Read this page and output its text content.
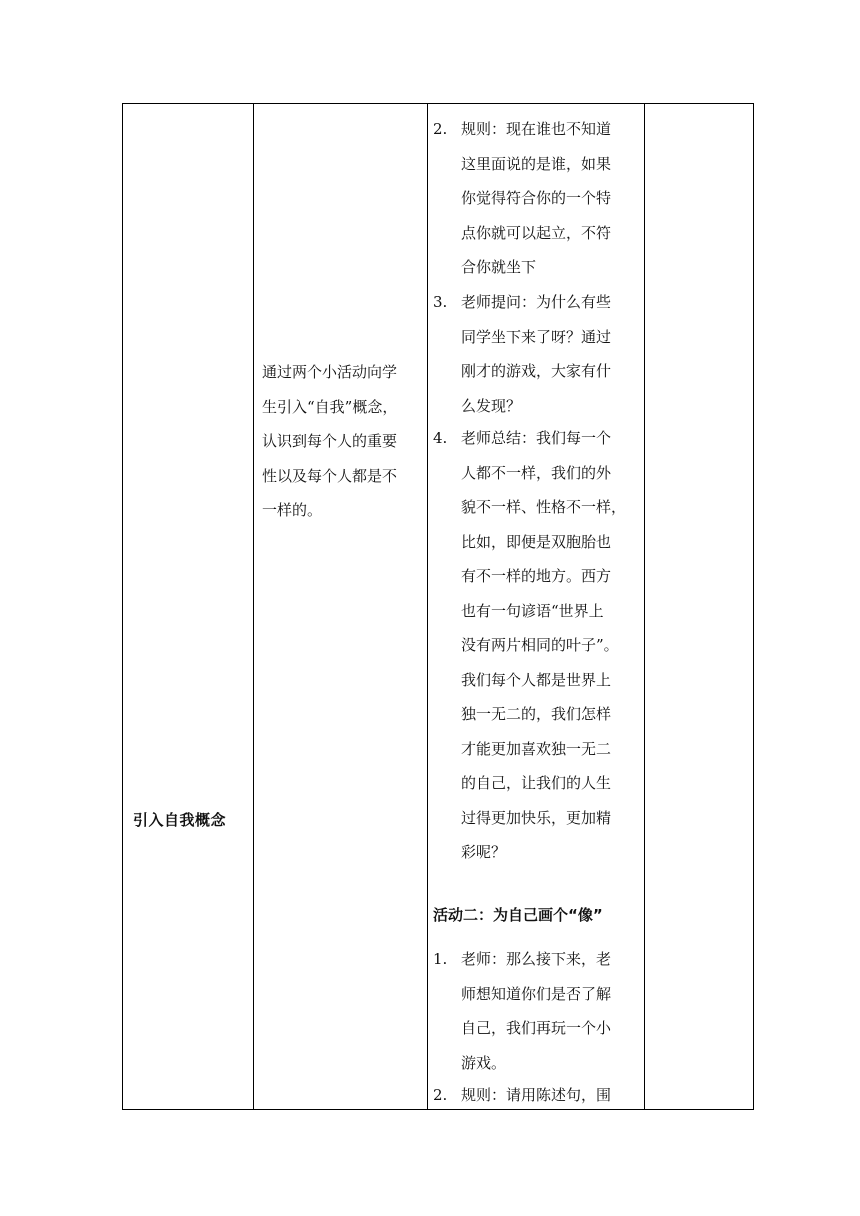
引入自我概念
通过两个小活动向学
生引入“自我”概念，
认识到每个人的重要
性以及每个人都是不
一样的。
2. 规则：现在谁也不知道
这里面说的是谁，如果
你觉得符合你的一个特
点你就可以起立，不符
合你就坐下
3. 老师提问：为什么有些
同学坐下来了呀？通过
刚才的游戏，大家有什
么发现？
4. 老师总结：我们每一个
人都不一样，我们的外
貌不一样、性格不一样，
比如，即便是双胞胎也
有不一样的地方。西方
也有一句谚语“世界上
没有两片相同的叶子”。
我们每个人都是世界上
独一无二的，我们怎样
才能更加喜欢独一无二
的自己，让我们的人生
过得更加快乐，更加精
彩呢？
活动二：为自己画个“像”
1. 老师：那么接下来，老
师想知道你们是否了解
自己，我们再玩一个小
游戏。
2. 规则：请用陈述句，围
